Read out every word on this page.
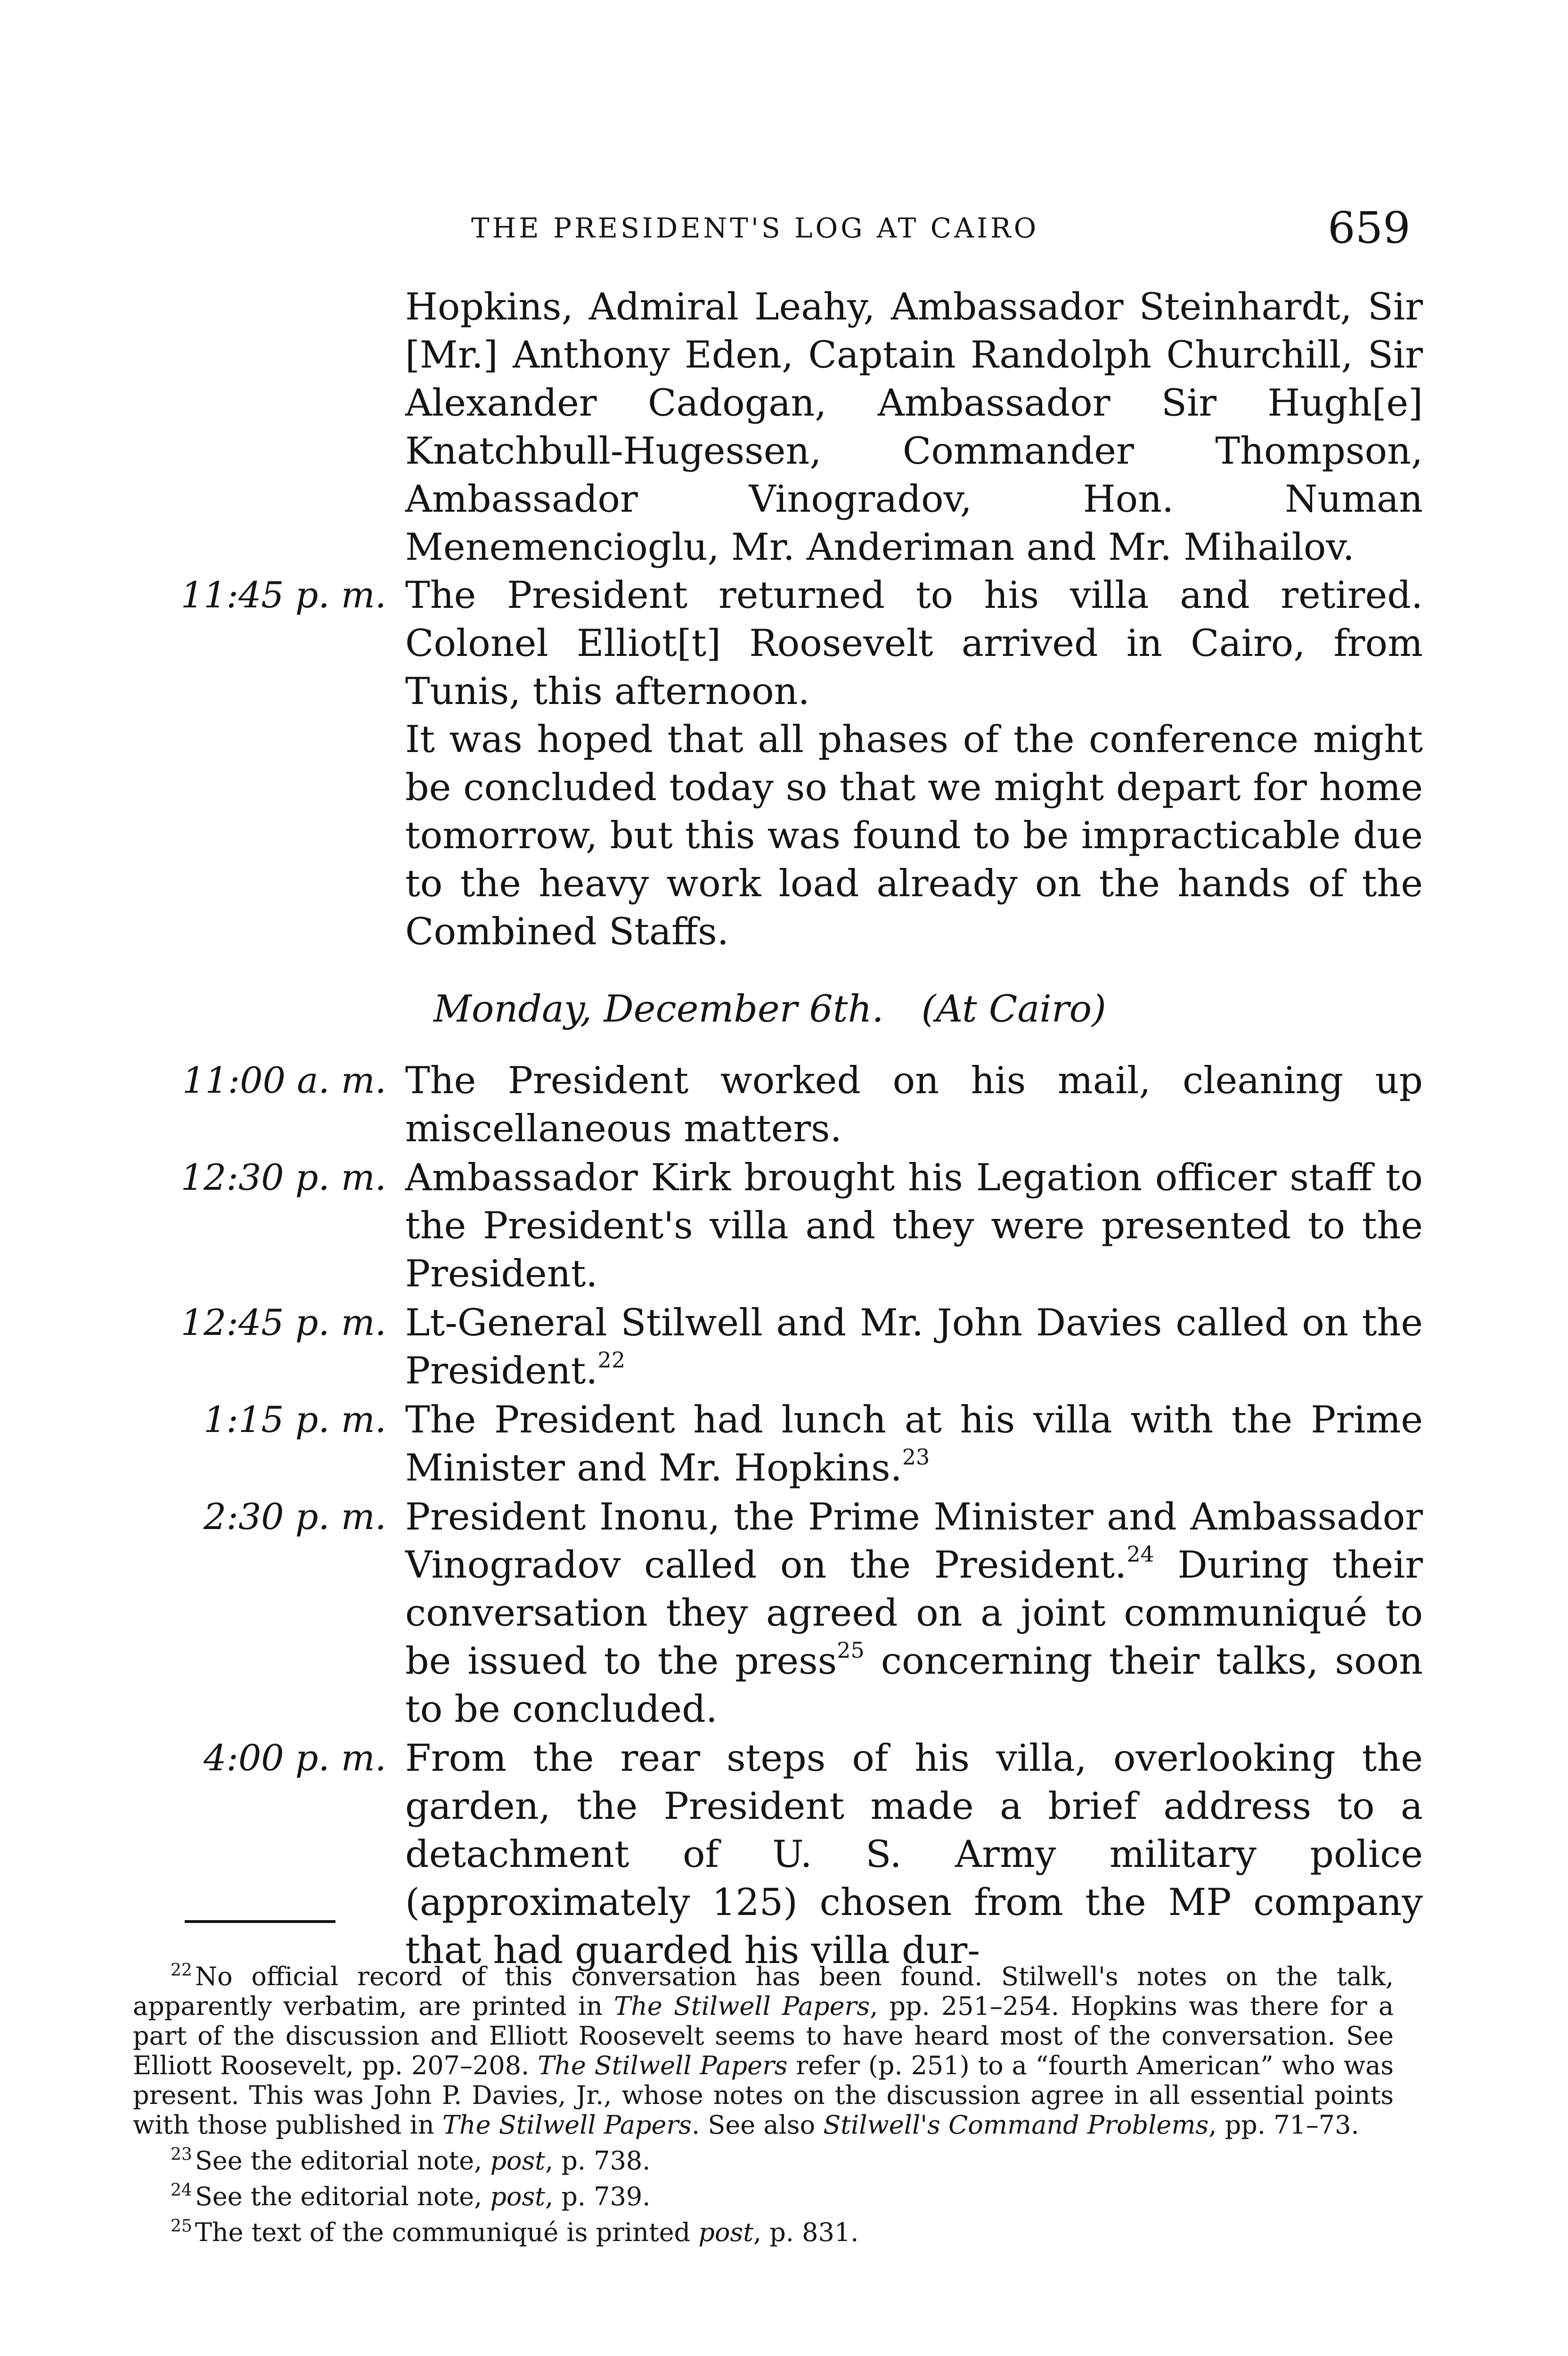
THE PRESIDENT'S LOG AT CAIRO	659
Hopkins, Admiral Leahy, Ambassador Steinhardt, Sir [Mr.] Anthony Eden, Captain Randolph Churchill, Sir Alexander Cadogan, Ambassador Sir Hugh[e] Knatchbull-Hugessen, Commander Thompson, Ambassador Vinogradov, Hon. Numan Menemencioglu, Mr. Anderiman and Mr. Mihailov.
11:45 p. m. The President returned to his villa and retired. Colonel Elliot[t] Roosevelt arrived in Cairo, from Tunis, this afternoon.
It was hoped that all phases of the conference might be concluded today so that we might depart for home tomorrow, but this was found to be impracticable due to the heavy work load already on the hands of the Combined Staffs.
Monday, December 6th. (At Cairo)
11:00 a. m. The President worked on his mail, cleaning up miscellaneous matters.
12:30 p. m. Ambassador Kirk brought his Legation officer staff to the President's villa and they were presented to the President.
12:45 p. m. Lt-General Stilwell and Mr. John Davies called on the President.$^{22}$
1:15 p. m. The President had lunch at his villa with the Prime Minister and Mr. Hopkins.$^{23}$
2:30 p. m. President Inonu, the Prime Minister and Ambassador Vinogradov called on the President.$^{24}$ During their conversation they agreed on a joint communiqué to be issued to the press$^{25}$ concerning their talks, soon to be concluded.
4:00 p. m. From the rear steps of his villa, overlooking the garden, the President made a brief address to a detachment of U. S. Army military police (approximately 125) chosen from the MP company that had guarded his villa dur-

$^{22}$ No official record of this conversation has been found. Stilwell's notes on the talk, apparently verbatim, are printed in The Stilwell Papers, pp. 251–254. Hopkins was there for a part of the discussion and Elliott Roosevelt seems to have heard most of the conversation. See Elliott Roosevelt, pp. 207–208. The Stilwell Papers refer (p. 251) to a “fourth American” who was present. This was John P. Davies, Jr., whose notes on the discussion agree in all essential points with those published in The Stilwell Papers. See also Stilwell's Command Problems, pp. 71–73.

$^{23}$ See the editorial note, post, p. 738.

$^{24}$ See the editorial note, post, p. 739.

$^{25}$ The text of the communiqué is printed post, p. 831.
